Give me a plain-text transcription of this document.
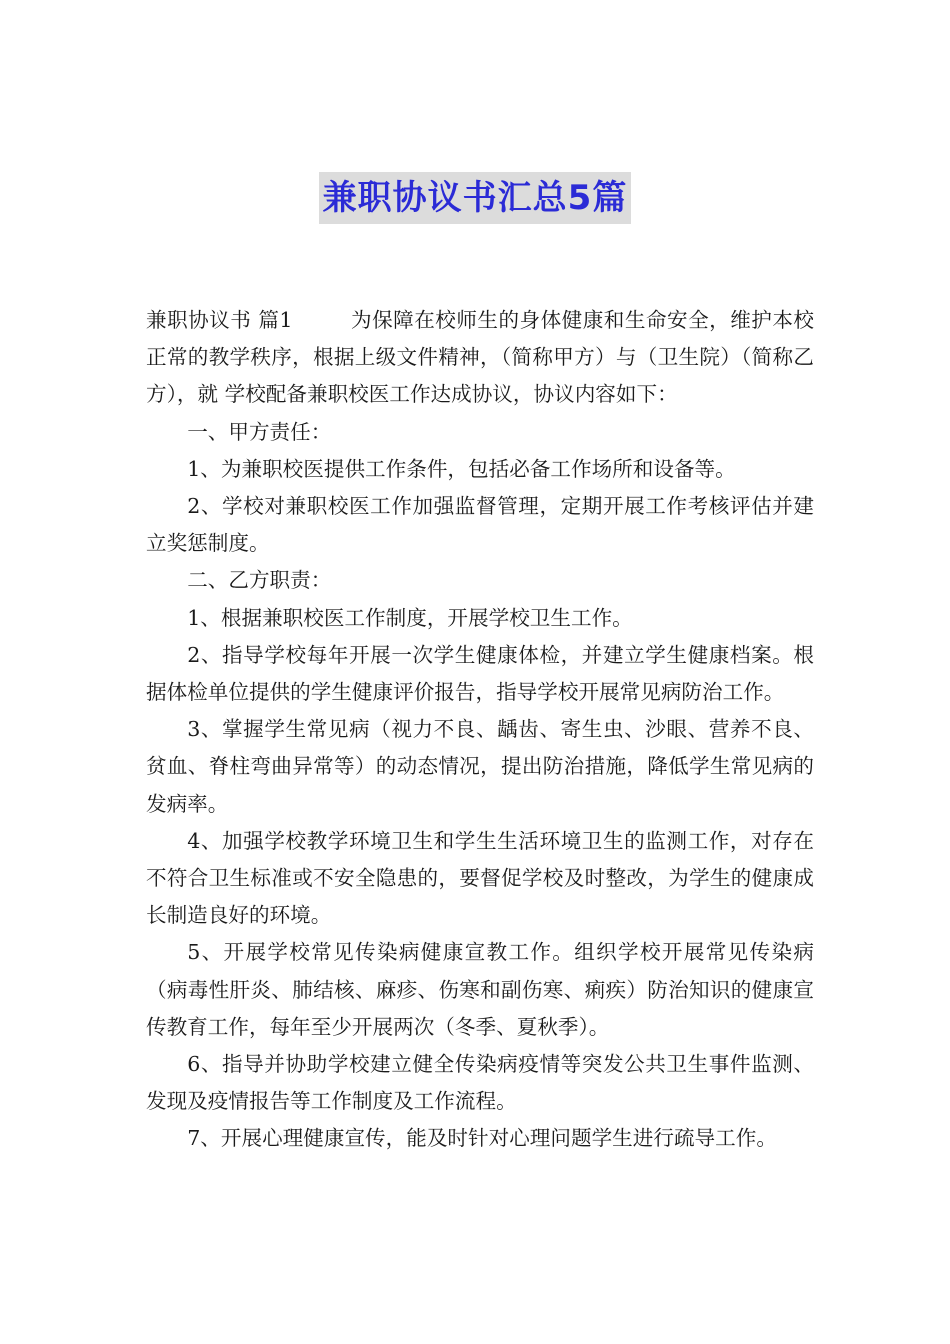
兼职协议书汇总5篇

兼职协议书 篇1	为保障在校师生的身体健康和生命安全，维护本校正常的教学秩序，根据上级文件精神，（简称甲方）与（卫生院）（简称乙方），就 学校配备兼职校医工作达成协议，协议内容如下：

一、甲方责任：

1、为兼职校医提供工作条件，包括必备工作场所和设备等。

2、学校对兼职校医工作加强监督管理，定期开展工作考核评估并建立奖惩制度。

二、乙方职责：

1、根据兼职校医工作制度，开展学校卫生工作。

2、指导学校每年开展一次学生健康体检，并建立学生健康档案。根据体检单位提供的学生健康评价报告，指导学校开展常见病防治工作。

3、掌握学生常见病（视力不良、龋齿、寄生虫、沙眼、营养不良、贫血、脊柱弯曲异常等）的动态情况，提出防治措施，降低学生常见病的发病率。

4、加强学校教学环境卫生和学生生活环境卫生的监测工作，对存在不符合卫生标准或不安全隐患的，要督促学校及时整改，为学生的健康成长制造良好的环境。

5、开展学校常见传染病健康宣教工作。组织学校开展常见传染病（病毒性肝炎、肺结核、麻疹、伤寒和副伤寒、痢疾）防治知识的健康宣传教育工作，每年至少开展两次（冬季、夏秋季）。

6、指导并协助学校建立健全传染病疫情等突发公共卫生事件监测、发现及疫情报告等工作制度及工作流程。

7、开展心理健康宣传，能及时针对心理问题学生进行疏导工作。
